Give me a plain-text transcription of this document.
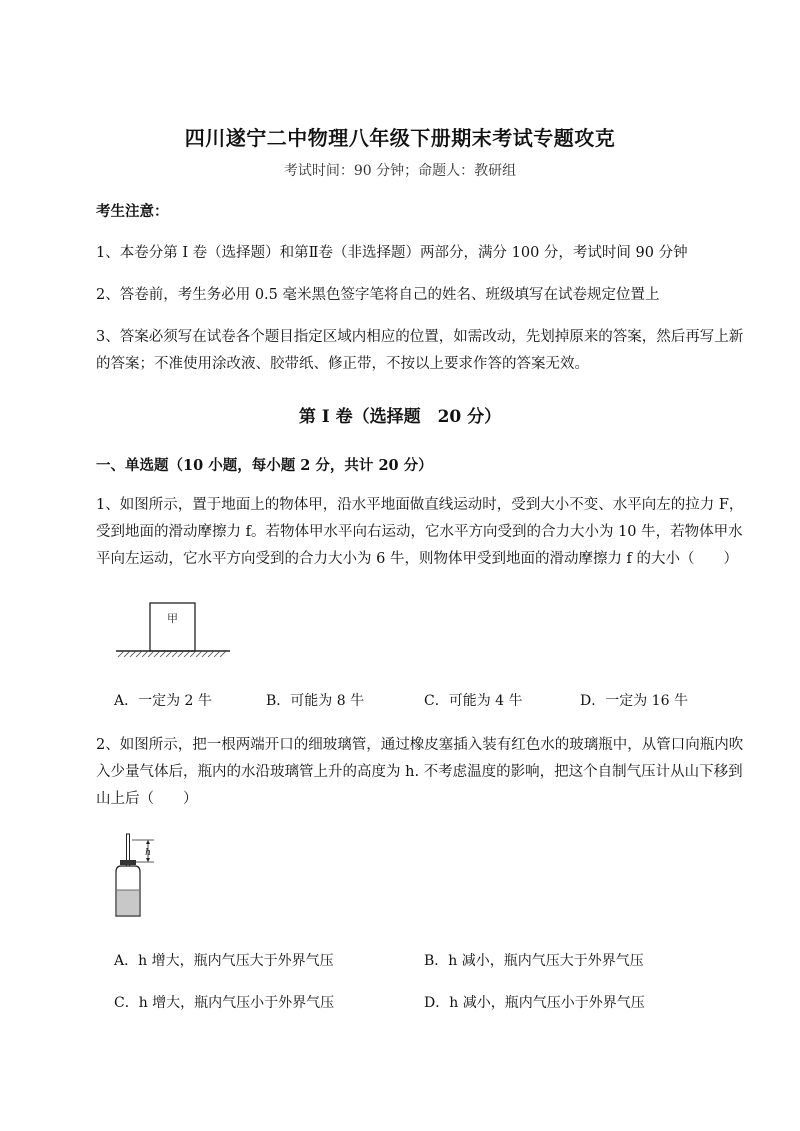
四川遂宁二中物理八年级下册期末考试专题攻克
考试时间：90 分钟；命题人：教研组
考生注意：
1、本卷分第 I 卷（选择题）和第Ⅱ卷（非选择题）两部分，满分 100 分，考试时间 90 分钟
2、答卷前，考生务必用 0.5 毫米黑色签字笔将自己的姓名、班级填写在试卷规定位置上
3、答案必须写在试卷各个题目指定区域内相应的位置，如需改动，先划掉原来的答案，然后再写上新的答案；不准使用涂改液、胶带纸、修正带，不按以上要求作答的答案无效。
第 I 卷（选择题　20 分）
一、单选题（10 小题，每小题 2 分，共计 20 分）
1、如图所示，置于地面上的物体甲，沿水平地面做直线运动时，受到大小不变、水平向左的拉力 F，受到地面的滑动摩擦力 f。若物体甲水平向右运动，它水平方向受到的合力大小为 10 牛，若物体甲水平向左运动，它水平方向受到的合力大小为 6 牛，则物体甲受到地面的滑动摩擦力 f 的大小（　　）
甲
A．一定为 2 牛	B．可能为 8 牛	C．可能为 4 牛	D．一定为 16 牛
2、如图所示，把一根两端开口的细玻璃管，通过橡皮塞插入装有红色水的玻璃瓶中，从管口向瓶内吹入少量气体后，瓶内的水沿玻璃管上升的高度为 h. 不考虑温度的影响，把这个自制气压计从山下移到山上后（　　）
h
A．h 增大，瓶内气压大于外界气压	B．h 减小，瓶内气压大于外界气压
C．h 增大，瓶内气压小于外界气压	D．h 减小，瓶内气压小于外界气压
